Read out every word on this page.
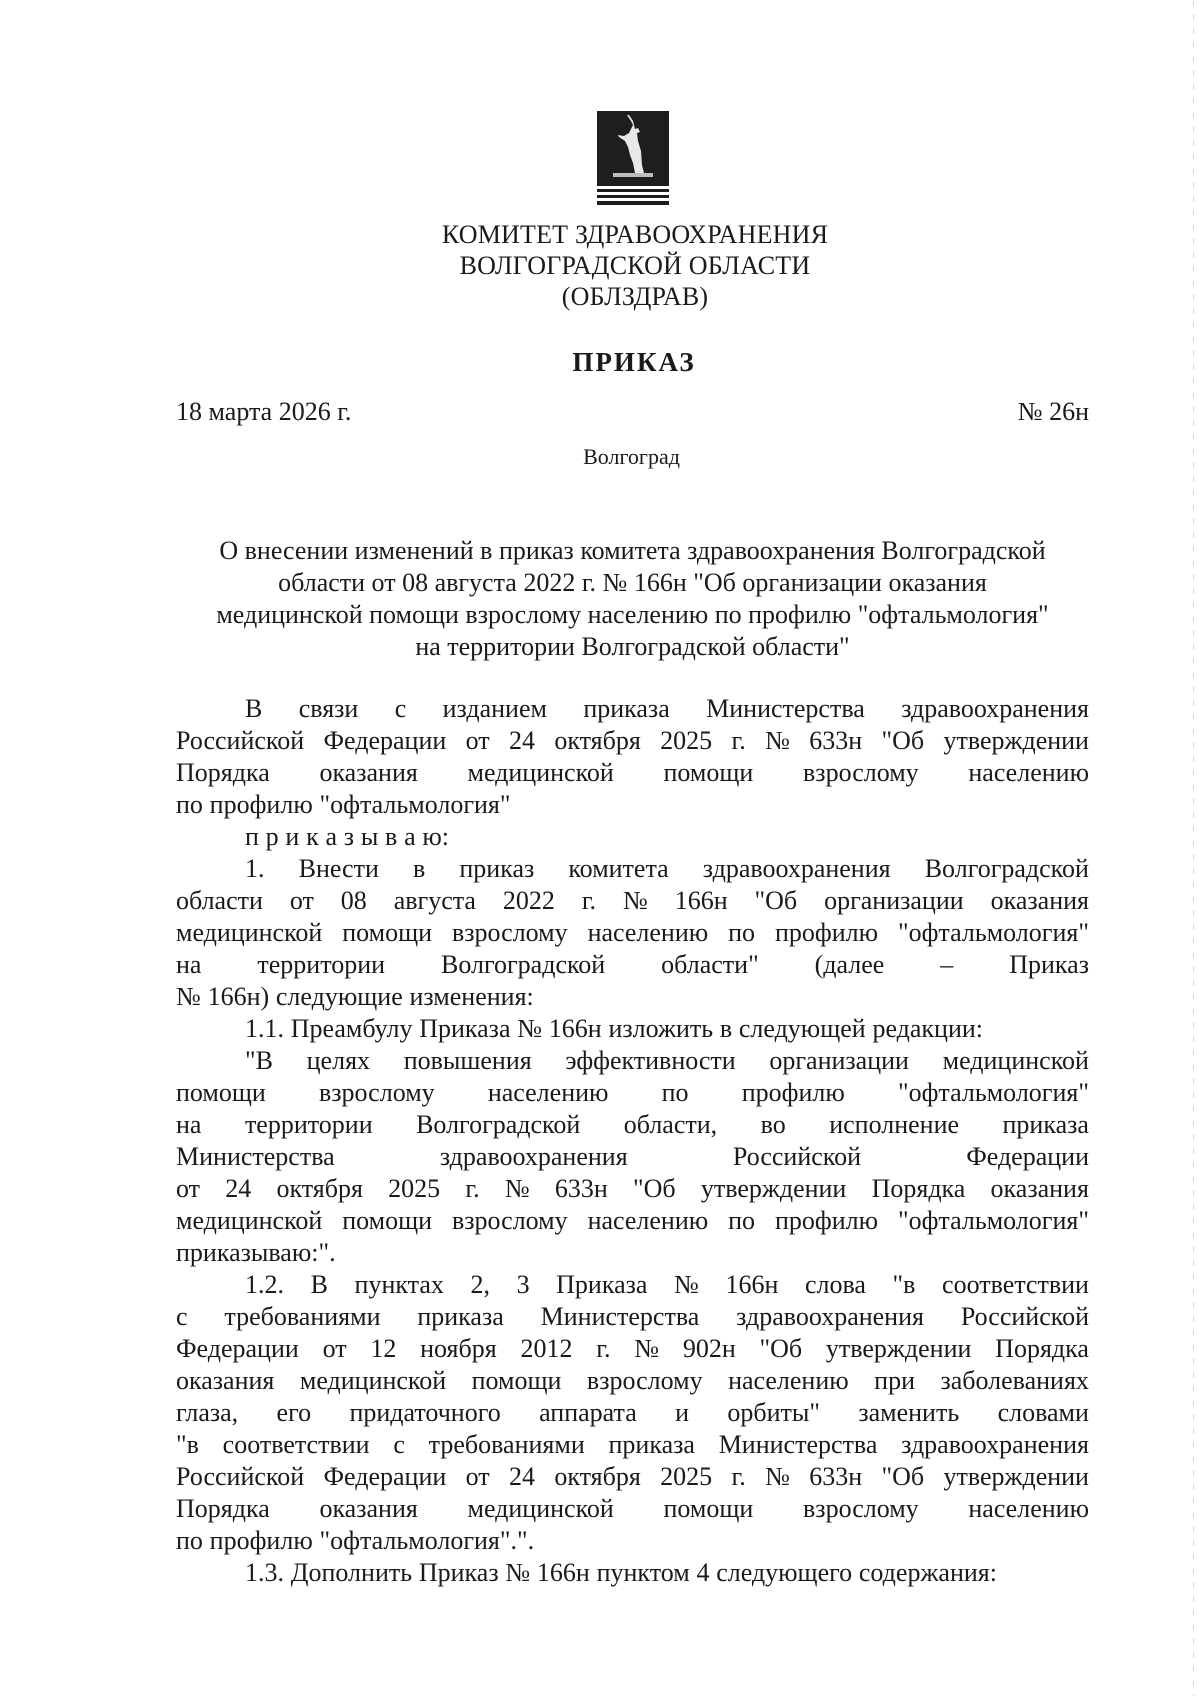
КОМИТЕТ ЗДРАВООХРАНЕНИЯ
ВОЛГОГРАДСКОЙ ОБЛАСТИ
(ОБЛЗДРАВ)
ПРИКАЗ
18 марта 2026 г.	№ 26н
Волгоград
О внесении изменений в приказ комитета здравоохранения Волгоградской
области от 08 августа 2022 г. № 166н "Об организации оказания
медицинской помощи взрослому населению по профилю "офтальмология"
на территории Волгоградской области"
В связи с изданием приказа Министерства здравоохранения
Российской Федерации от 24 октября 2025 г. № 633н "Об утверждении
Порядка оказания медицинской помощи взрослому населению
по профилю "офтальмология"
п р и к а з ы в а ю:
1. Внести в приказ комитета здравоохранения Волгоградской
области от 08 августа 2022 г. № 166н "Об организации оказания
медицинской помощи взрослому населению по профилю "офтальмология"
на территории Волгоградской области" (далее – Приказ
№ 166н) следующие изменения:
1.1. Преамбулу Приказа № 166н изложить в следующей редакции:
"В целях повышения эффективности организации медицинской
помощи взрослому населению по профилю "офтальмология"
на территории Волгоградской области, во исполнение приказа
Министерства	здравоохранения	Российской	Федерации
от 24 октября 2025 г. № 633н "Об утверждении Порядка оказания
медицинской помощи взрослому населению по профилю "офтальмология"
приказываю:".
1.2. В пунктах 2, 3 Приказа № 166н слова "в соответствии
с требованиями приказа Министерства здравоохранения Российской
Федерации от 12 ноября 2012 г. № 902н "Об утверждении Порядка
оказания медицинской помощи взрослому населению при заболеваниях
глаза, его придаточного аппарата и орбиты" заменить словами
"в соответствии с требованиями приказа Министерства здравоохранения
Российской Федерации от 24 октября 2025 г. № 633н "Об утверждении
Порядка оказания медицинской помощи взрослому населению
по профилю "офтальмология".".
1.3. Дополнить Приказ № 166н пунктом 4 следующего содержания:
